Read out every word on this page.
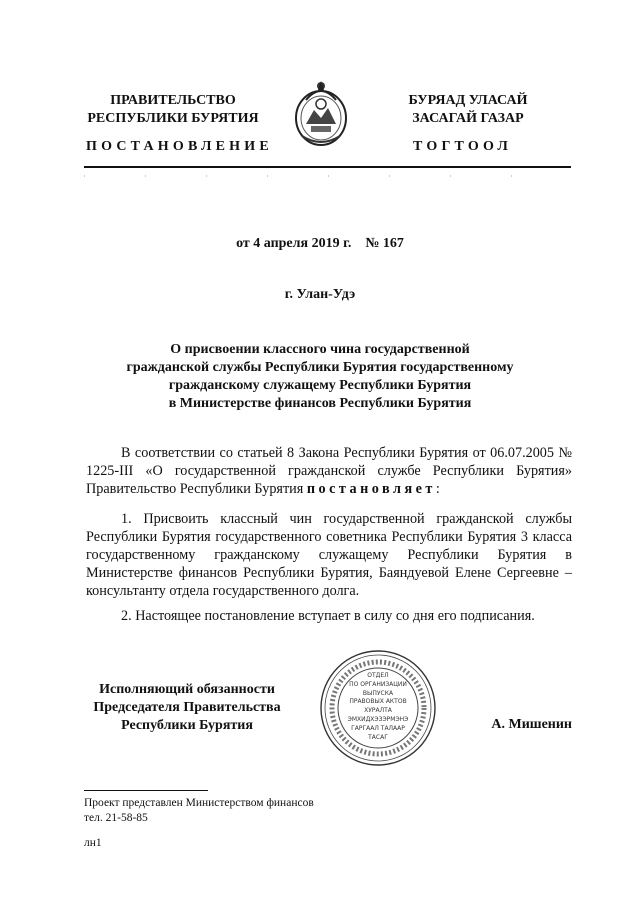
ПРАВИТЕЛЬСТВО
РЕСПУБЛИКИ БУРЯТИЯ
БУРЯАД УЛАСАЙ
ЗАСАГАЙ ГАЗАР
ПОСТАНОВЛЕНИЕ	ТОГТООЛ
от 4 апреля 2019 г.    № 167
г. Улан-Удэ
О присвоении классного чина государственной
гражданской службы Республики Бурятия государственному
гражданскому служащему Республики Бурятия
в Министерстве финансов Республики Бурятия

В соответствии со статьей 8 Закона Республики Бурятия от 06.07.2005 № 1225-III «О государственной гражданской службе Республики Бурятия» Правительство Республики Бурятия постановляет:

1. Присвоить классный чин государственной гражданской службы Республики Бурятия государственного советника Республики Бурятия 3 класса государственному гражданскому служащему Республики Бурятия в Министерстве финансов Республики Бурятия, Баяндуевой Елене Сергеевне – консультанту отдела государственного долга.

2. Настоящее постановление вступает в силу со дня его подписания.

Исполняющий обязанности
Председателя Правительства
Республики Бурятия	А. Мишенин
ОТДЕЛ
ПО ОРГАНИЗАЦИИ
ВЫПУСКА
ПРАВОВЫХ АКТОВ
ХУРАЛТА
ЭМХИДХЭЗЭРМЭНЭ
ГАРГААЛ ТАЛААР
ТАСАГ
Проект представлен Министерством финансов
тел. 21-58-85
лн1
